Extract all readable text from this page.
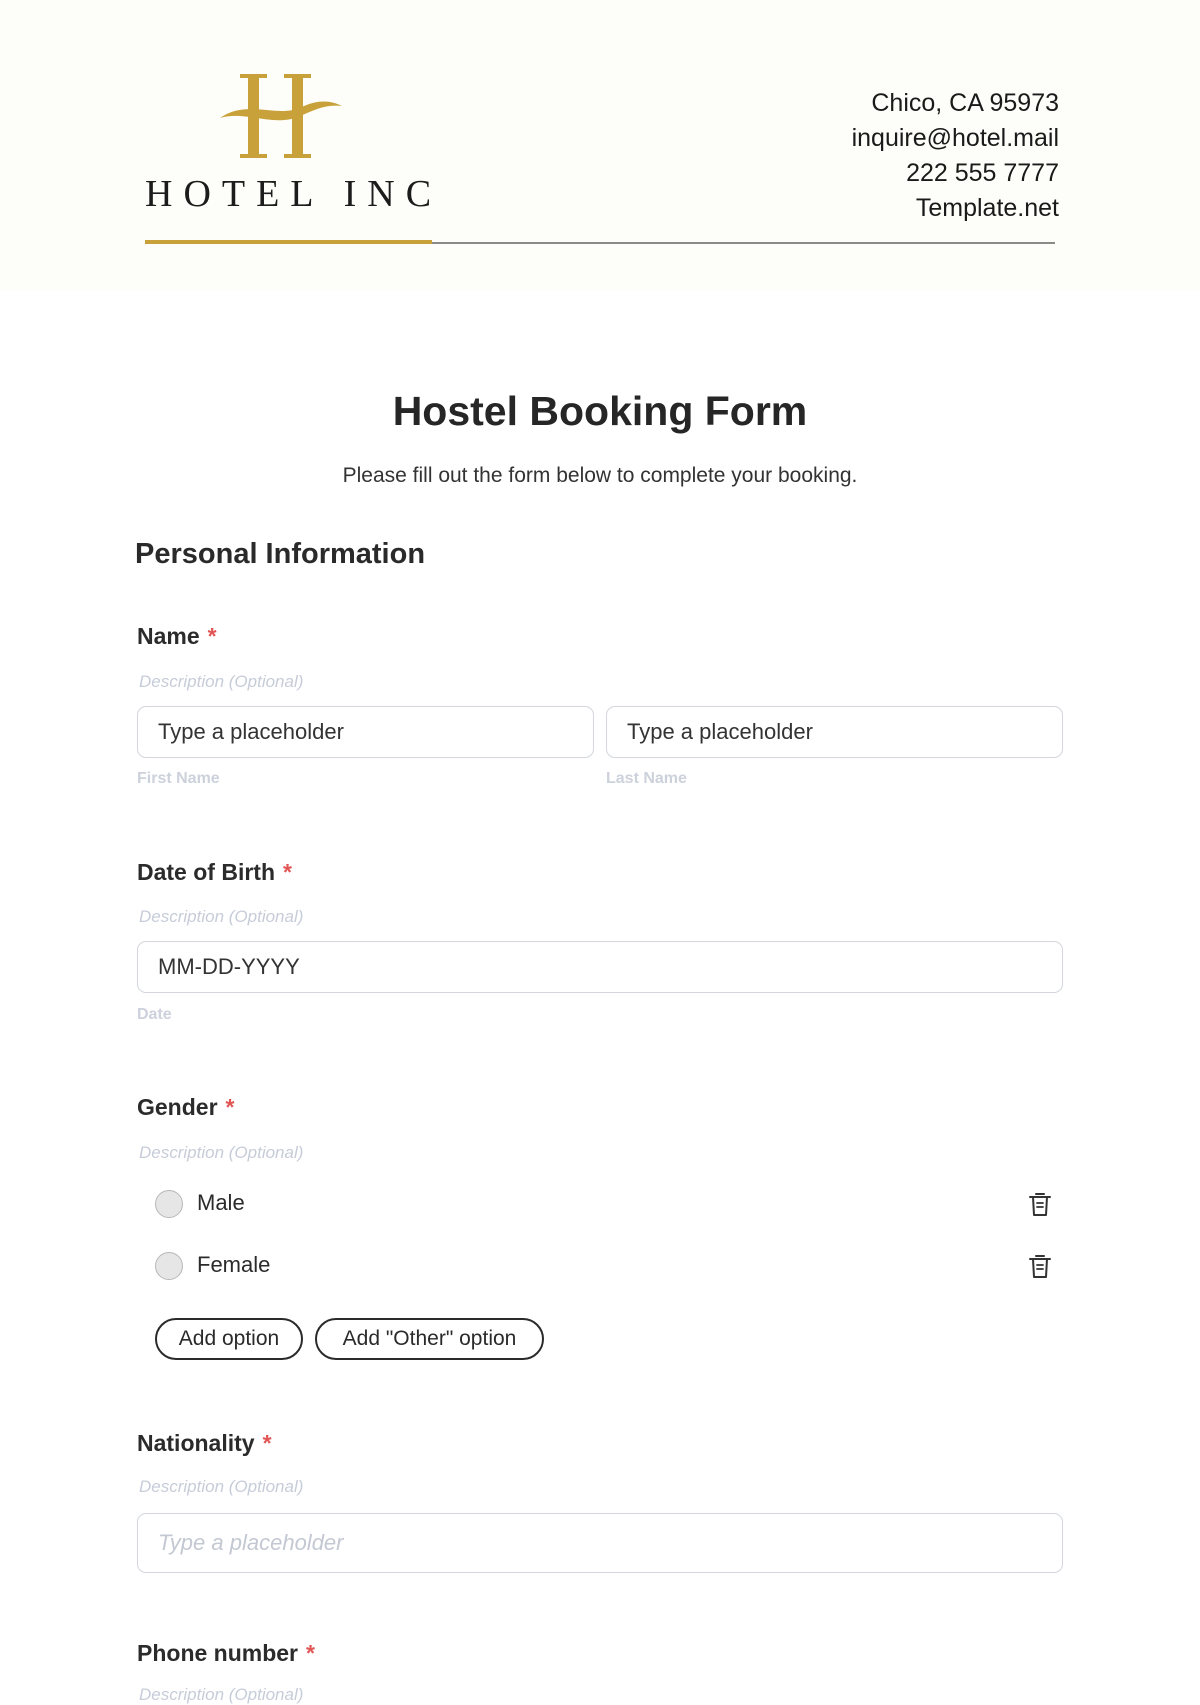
HOTEL INC
Chico, CA 95973
inquire@hotel.mail
222 555 7777
Template.net
Hostel Booking Form
Please fill out the form below to complete your booking.
Personal Information
Name *
Description (Optional)
Type a placeholder	Type a placeholder
First Name	Last Name
Date of Birth *
Description (Optional)
MM-DD-YYYY
Date
Gender *
Description (Optional)
Male
Female
Add option	Add "Other" option
Nationality *
Description (Optional)
Type a placeholder
Phone number *
Description (Optional)
